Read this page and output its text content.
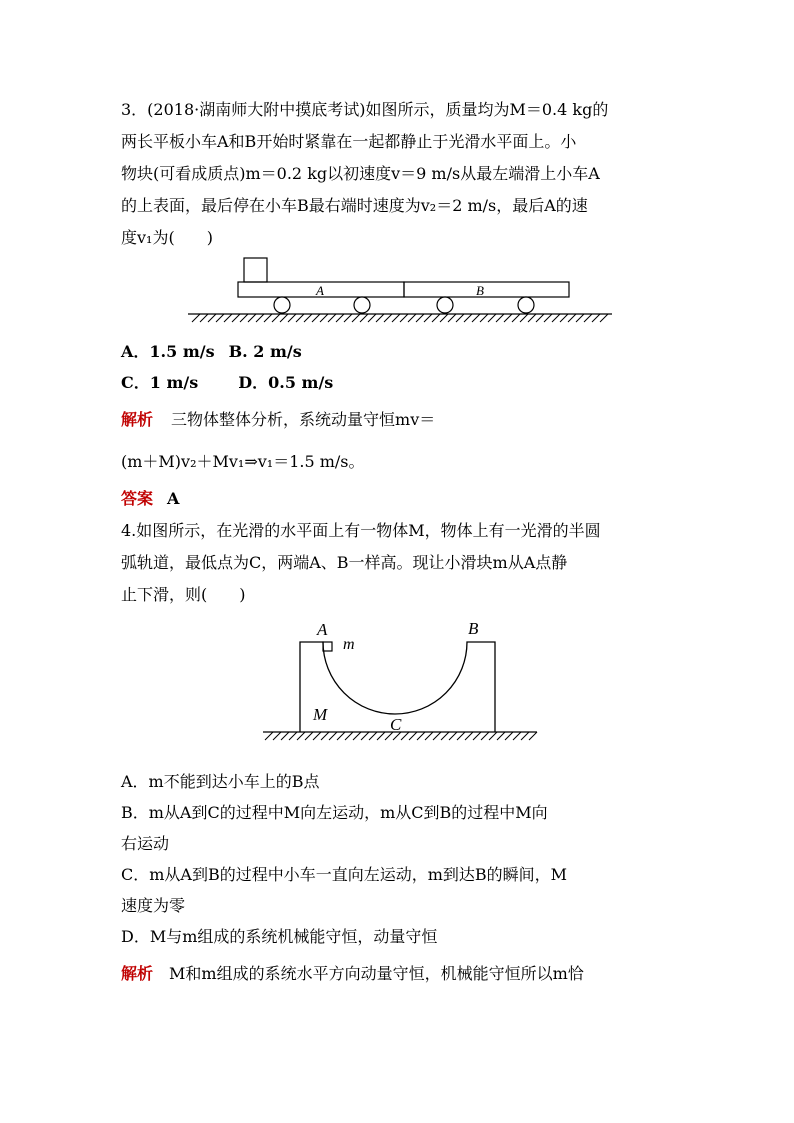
3．(2018·湖南师大附中摸底考试)如图所示，质量均为M＝0.4 kg的
两长平板小车A和B开始时紧靠在一起都静止于光滑水平面上。小
物块(可看成质点)m＝0.2 kg以初速度v＝9 m/s从最左端滑上小车A
的上表面，最后停在小车B最右端时速度为v₂＝2 m/s，最后A的速
度v₁为(　　)
A	B
A．1.5 m/s B. 2 m/s
C．1 m/s	D．0.5 m/s
解析 三物体整体分析，系统动量守恒mv＝
(m＋M)v₂＋Mv₁⇒v₁＝1.5 m/s。
答案 A
4.如图所示，在光滑的水平面上有一物体M，物体上有一光滑的半圆
弧轨道，最低点为C，两端A、B一样高。现让小滑块m从A点静
止下滑，则(　　)
A	B
m
M
C
A．m不能到达小车上的B点
B．m从A到C的过程中M向左运动，m从C到B的过程中M向
右运动
C．m从A到B的过程中小车一直向左运动，m到达B的瞬间，M
速度为零
D．M与m组成的系统机械能守恒，动量守恒
解析 M和m组成的系统水平方向动量守恒，机械能守恒所以m恰
